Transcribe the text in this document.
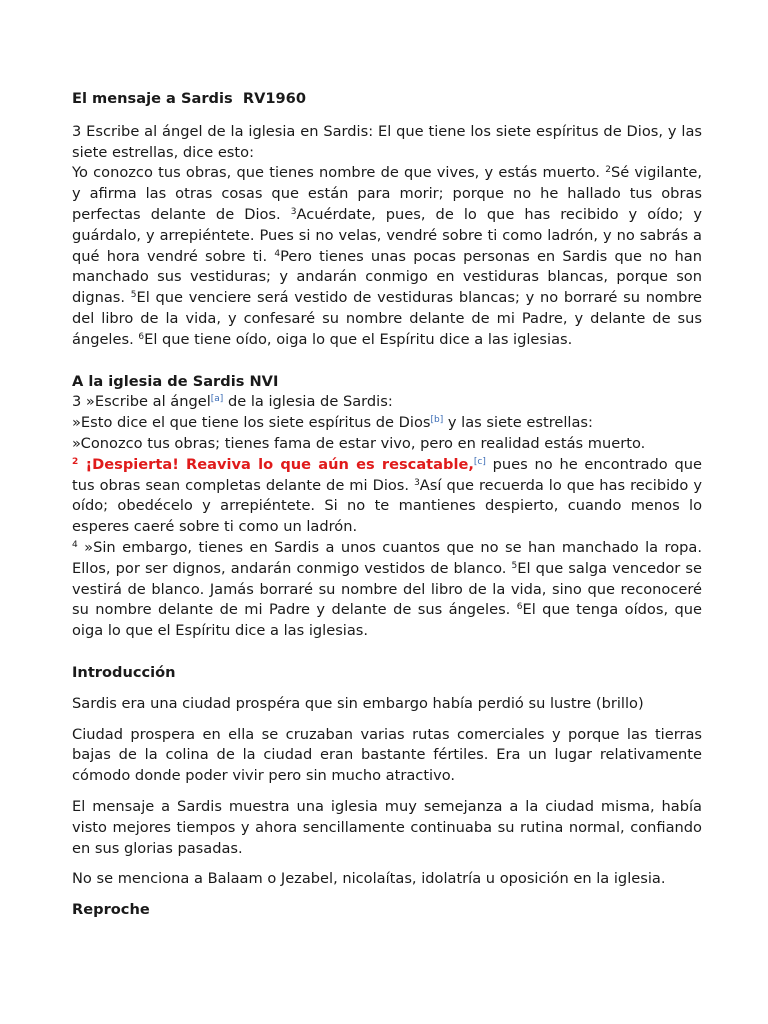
El mensaje a Sardis  RV1960

3 Escribe al ángel de la iglesia en Sardis: El que tiene los siete espíritus de Dios, y las siete estrellas, dice esto:

Yo conozco tus obras, que tienes nombre de que vives, y estás muerto. $^2$Sé vigilante, y afirma las otras cosas que están para morir; porque no he hallado tus obras perfectas delante de Dios. $^3$Acuérdate, pues, de lo que has recibido y oído; y guárdalo, y arrepiéntete. Pues si no velas, vendré sobre ti como ladrón, y no sabrás a qué hora vendré sobre ti. $^4$Pero tienes unas pocas personas en Sardis que no han manchado sus vestiduras; y andarán conmigo en vestiduras blancas, porque son dignas. $^5$El que venciere será vestido de vestiduras blancas; y no borraré su nombre del libro de la vida, y confesaré su nombre delante de mi Padre, y delante de sus ángeles. $^6$El que tiene oído, oiga lo que el Espíritu dice a las iglesias.

A la iglesia de Sardis NVI

3 »Escribe al ángel[a] de la iglesia de Sardis:

»Esto dice el que tiene los siete espíritus de Dios[b] y las siete estrellas:

»Conozco tus obras; tienes fama de estar vivo, pero en realidad estás muerto.

$^2$ ¡Despierta! Reaviva lo que aún es rescatable,[c] pues no he encontrado que tus obras sean completas delante de mi Dios. $^3$Así que recuerda lo que has recibido y oído; obedécelo y arrepiéntete. Si no te mantienes despierto, cuando menos lo esperes caeré sobre ti como un ladrón.

$^4$ »Sin embargo, tienes en Sardis a unos cuantos que no se han manchado la ropa. Ellos, por ser dignos, andarán conmigo vestidos de blanco. $^5$El que salga vencedor se vestirá de blanco. Jamás borraré su nombre del libro de la vida, sino que reconoceré su nombre delante de mi Padre y delante de sus ángeles. $^6$El que tenga oídos, que oiga lo que el Espíritu dice a las iglesias.

Introducción

Sardis era una ciudad prospéra que sin embargo había perdió su lustre (brillo)

Ciudad prospera en ella se cruzaban varias rutas comerciales y porque las tierras bajas de la colina de la ciudad eran bastante fértiles. Era un lugar relativamente cómodo donde poder vivir pero sin mucho atractivo.

El mensaje a Sardis muestra una iglesia muy semejanza a la ciudad misma, había visto mejores tiempos y ahora sencillamente continuaba su rutina normal, confiando en sus glorias pasadas.

No se menciona a Balaam o Jezabel, nicolaítas, idolatría u oposición en la iglesia.

Reproche
